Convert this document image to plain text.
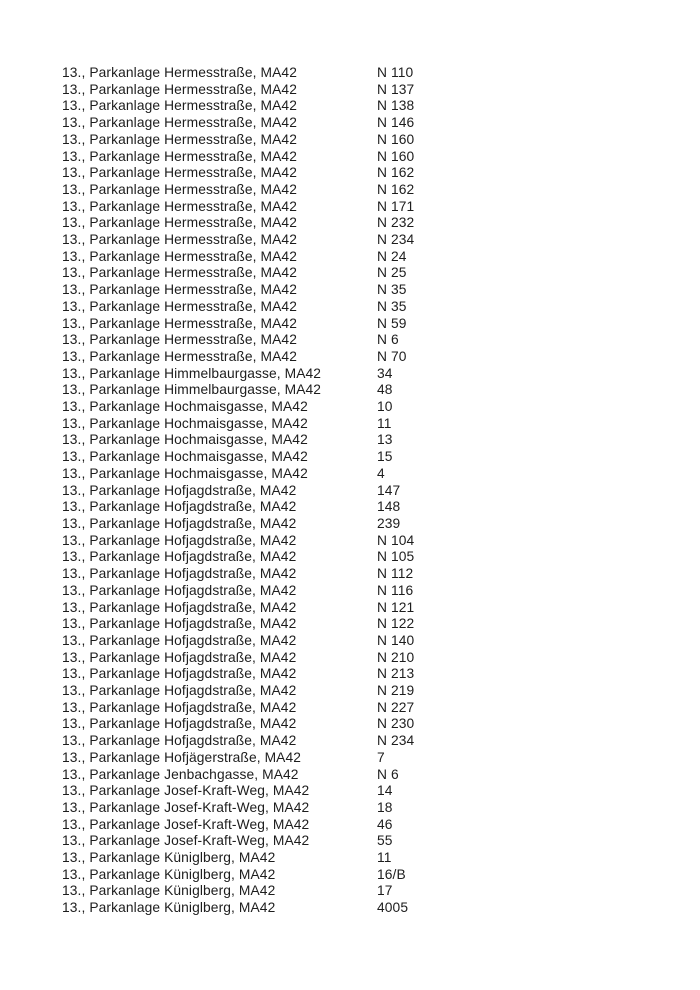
13., Parkanlage Hermesstraße, MA42	N 110
13., Parkanlage Hermesstraße, MA42	N 137
13., Parkanlage Hermesstraße, MA42	N 138
13., Parkanlage Hermesstraße, MA42	N 146
13., Parkanlage Hermesstraße, MA42	N 160
13., Parkanlage Hermesstraße, MA42	N 160
13., Parkanlage Hermesstraße, MA42	N 162
13., Parkanlage Hermesstraße, MA42	N 162
13., Parkanlage Hermesstraße, MA42	N 171
13., Parkanlage Hermesstraße, MA42	N 232
13., Parkanlage Hermesstraße, MA42	N 234
13., Parkanlage Hermesstraße, MA42	N 24
13., Parkanlage Hermesstraße, MA42	N 25
13., Parkanlage Hermesstraße, MA42	N 35
13., Parkanlage Hermesstraße, MA42	N 35
13., Parkanlage Hermesstraße, MA42	N 59
13., Parkanlage Hermesstraße, MA42	N 6
13., Parkanlage Hermesstraße, MA42	N 70
13., Parkanlage Himmelbaurgasse, MA42	34
13., Parkanlage Himmelbaurgasse, MA42	48
13., Parkanlage Hochmaisgasse, MA42	10
13., Parkanlage Hochmaisgasse, MA42	11
13., Parkanlage Hochmaisgasse, MA42	13
13., Parkanlage Hochmaisgasse, MA42	15
13., Parkanlage Hochmaisgasse, MA42	4
13., Parkanlage Hofjagdstraße, MA42	147
13., Parkanlage Hofjagdstraße, MA42	148
13., Parkanlage Hofjagdstraße, MA42	239
13., Parkanlage Hofjagdstraße, MA42	N 104
13., Parkanlage Hofjagdstraße, MA42	N 105
13., Parkanlage Hofjagdstraße, MA42	N 112
13., Parkanlage Hofjagdstraße, MA42	N 116
13., Parkanlage Hofjagdstraße, MA42	N 121
13., Parkanlage Hofjagdstraße, MA42	N 122
13., Parkanlage Hofjagdstraße, MA42	N 140
13., Parkanlage Hofjagdstraße, MA42	N 210
13., Parkanlage Hofjagdstraße, MA42	N 213
13., Parkanlage Hofjagdstraße, MA42	N 219
13., Parkanlage Hofjagdstraße, MA42	N 227
13., Parkanlage Hofjagdstraße, MA42	N 230
13., Parkanlage Hofjagdstraße, MA42	N 234
13., Parkanlage Hofjägerstraße, MA42	7
13., Parkanlage Jenbachgasse, MA42	N 6
13., Parkanlage Josef-Kraft-Weg, MA42	14
13., Parkanlage Josef-Kraft-Weg, MA42	18
13., Parkanlage Josef-Kraft-Weg, MA42	46
13., Parkanlage Josef-Kraft-Weg, MA42	55
13., Parkanlage Küniglberg, MA42	11
13., Parkanlage Küniglberg, MA42	16/B
13., Parkanlage Küniglberg, MA42	17
13., Parkanlage Küniglberg, MA42	4005
